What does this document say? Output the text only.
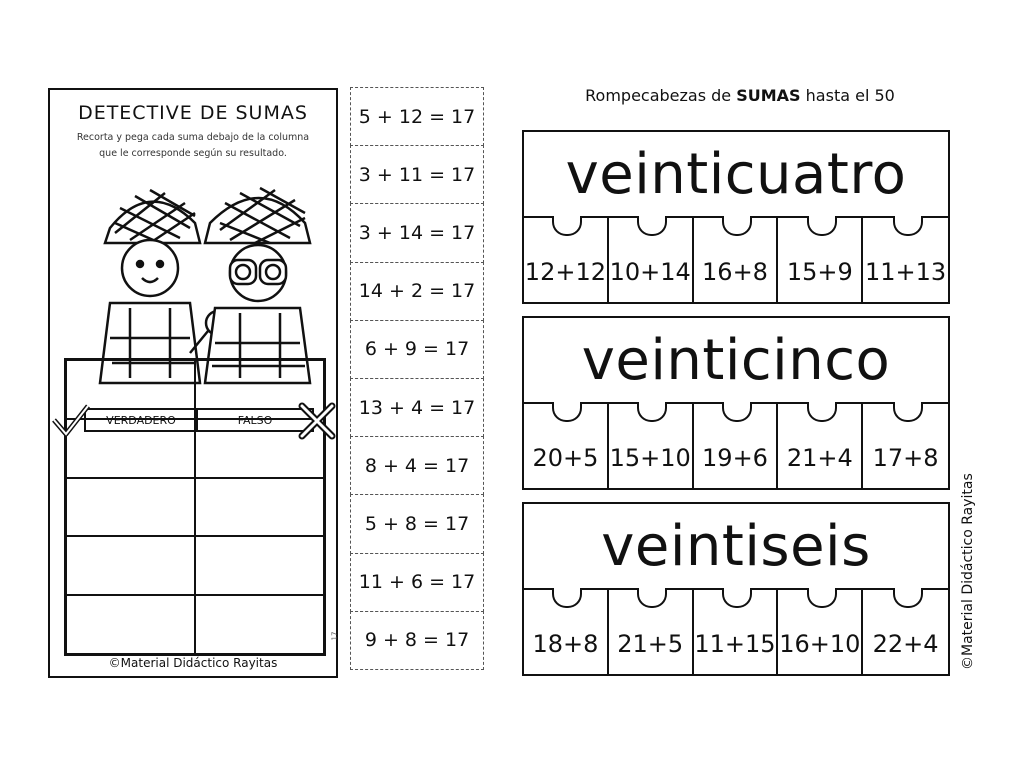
DETECTIVE DE SUMAS
Recorta y pega cada suma debajo de la columna que le corresponde según su resultado.
VERDADERO	FALSO
©Material Didáctico Rayitas
17
5 + 12 = 17
3 + 11 = 17
3 + 14 = 17
14 + 2 = 17
6 + 9 = 17
13 + 4 = 17
8 + 4 = 17
5 + 8 = 17
11 + 6 = 17
9 + 8 = 17
Rompecabezas de SUMAS hasta el 50
veinticuatro
12+12 10+14 16+8 15+9 11+13
veinticinco
20+5 15+10 19+6 21+4 17+8
veintiseis
18+8 21+5 11+15 16+10 22+4 ©Material Didáctico Rayitas
